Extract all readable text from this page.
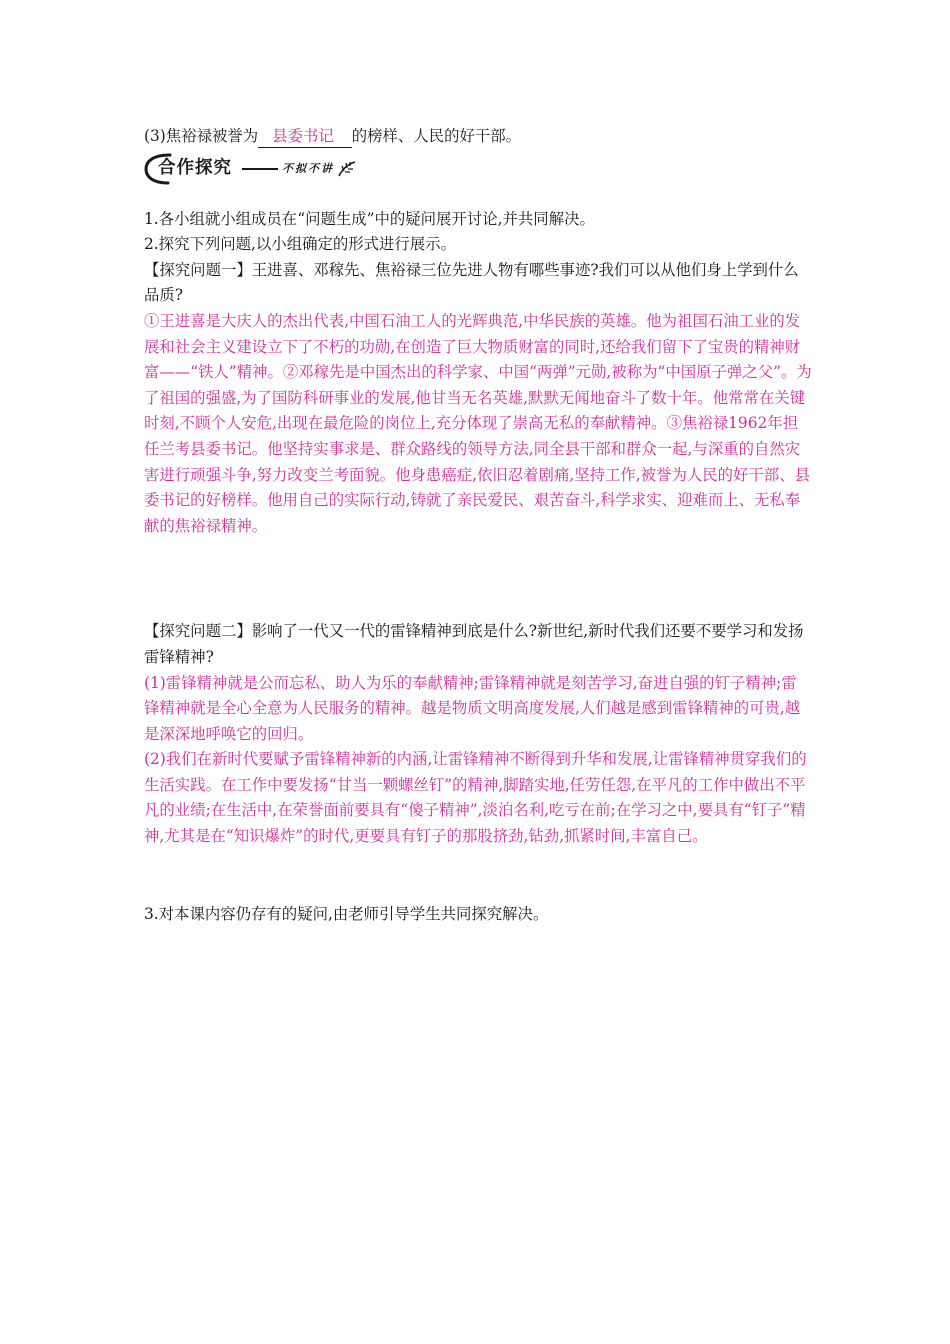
(3)焦裕禄被誉为 县委书记 的榜样、人民的好干部。

合作探究	不拟不讲

1.各小组就小组成员在“问题生成”中的疑问展开讨论,并共同解决。

2.探究下列问题,以小组确定的形式进行展示。

【探究问题一】王进喜、邓稼先、焦裕禄三位先进人物有哪些事迹?我们可以从他们身上学到什么品质?

①王进喜是大庆人的杰出代表,中国石油工人的光辉典范,中华民族的英雄。他为祖国石油工业的发展和社会主义建设立下了不朽的功勋,在创造了巨大物质财富的同时,还给我们留下了宝贵的精神财富——“铁人”精神。②邓稼先是中国杰出的科学家、中国“两弹”元勋,被称为“中国原子弹之父”。为了祖国的强盛,为了国防科研事业的发展,他甘当无名英雄,默默无闻地奋斗了数十年。他常常在关键时刻,不顾个人安危,出现在最危险的岗位上,充分体现了崇高无私的奉献精神。③焦裕禄1962年担任兰考县委书记。他坚持实事求是、群众路线的领导方法,同全县干部和群众一起,与深重的自然灾害进行顽强斗争,努力改变兰考面貌。他身患癌症,依旧忍着剧痛,坚持工作,被誉为人民的好干部、县委书记的好榜样。他用自己的实际行动,铸就了亲民爱民、艰苦奋斗,科学求实、迎难而上、无私奉献的焦裕禄精神。

【探究问题二】影响了一代又一代的雷锋精神到底是什么?新世纪,新时代我们还要不要学习和发扬雷锋精神?

(1)雷锋精神就是公而忘私、助人为乐的奉献精神;雷锋精神就是刻苦学习,奋进自强的钉子精神;雷锋精神就是全心全意为人民服务的精神。越是物质文明高度发展,人们越是感到雷锋精神的可贵,越是深深地呼唤它的回归。

(2)我们在新时代要赋予雷锋精神新的内涵,让雷锋精神不断得到升华和发展,让雷锋精神贯穿我们的生活实践。在工作中要发扬“甘当一颗螺丝钉”的精神,脚踏实地,任劳任怨,在平凡的工作中做出不平凡的业绩;在生活中,在荣誉面前要具有“傻子精神”,淡泊名利,吃亏在前;在学习之中,要具有“钉子”精神,尤其是在“知识爆炸”的时代,更要具有钉子的那股挤劲,钻劲,抓紧时间,丰富自己。

3.对本课内容仍存有的疑问,由老师引导学生共同探究解决。
